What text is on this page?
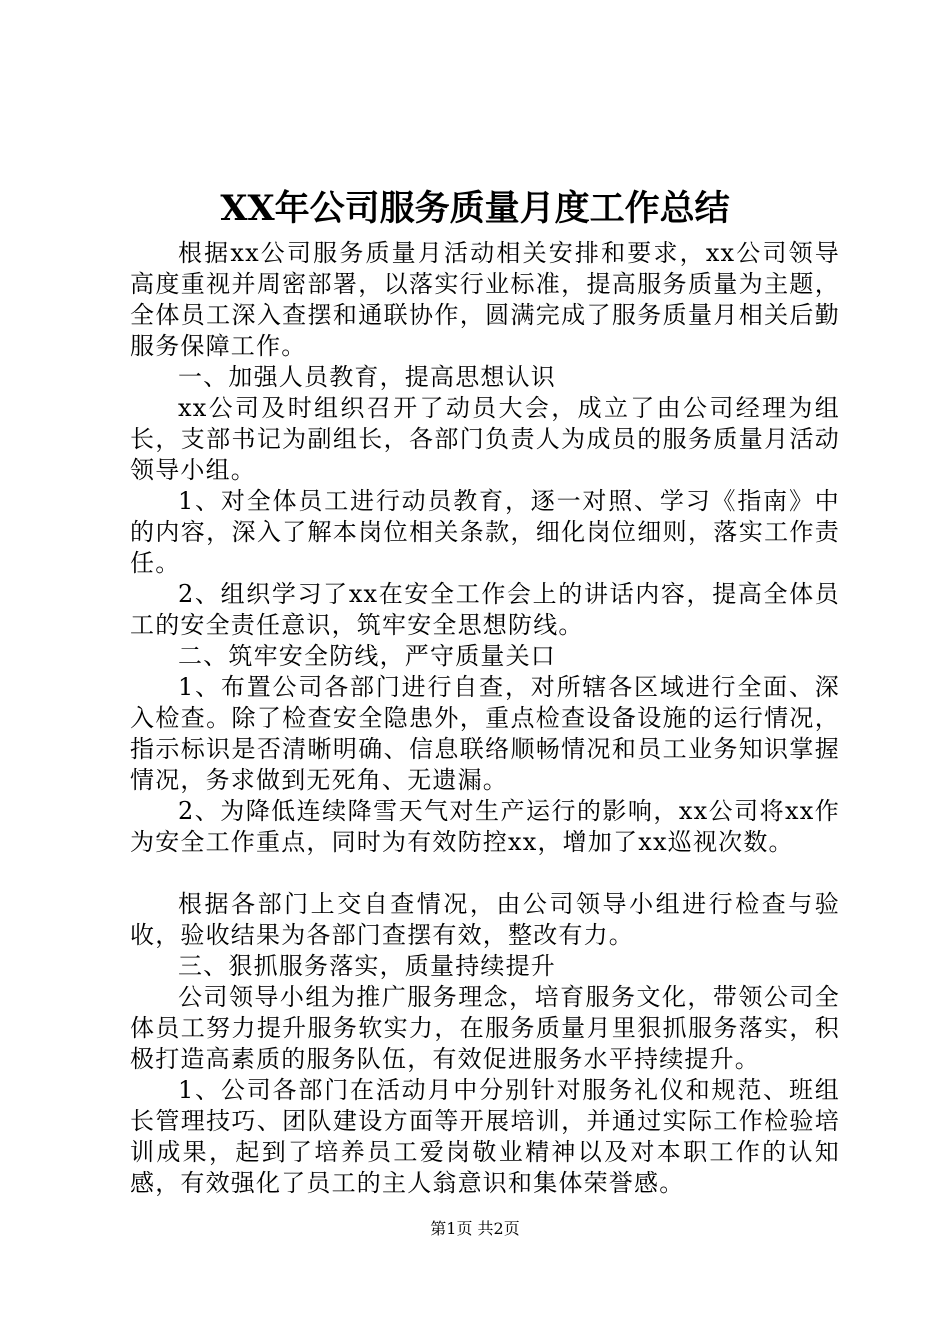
XX年公司服务质量月度工作总结

根据xx公司服务质量月活动相关安排和要求，xx公司领导高度重视并周密部署，以落实行业标准，提高服务质量为主题，全体员工深入查摆和通联协作，圆满完成了服务质量月相关后勤服务保障工作。

一、加强人员教育，提高思想认识

xx公司及时组织召开了动员大会，成立了由公司经理为组长，支部书记为副组长，各部门负责人为成员的服务质量月活动领导小组。

1、对全体员工进行动员教育，逐一对照、学习《指南》中的内容，深入了解本岗位相关条款，细化岗位细则，落实工作责任。

2、组织学习了xx在安全工作会上的讲话内容，提高全体员工的安全责任意识，筑牢安全思想防线。

二、筑牢安全防线，严守质量关口

1、布置公司各部门进行自查，对所辖各区域进行全面、深入检查。除了检查安全隐患外，重点检查设备设施的运行情况，指示标识是否清晰明确、信息联络顺畅情况和员工业务知识掌握情况，务求做到无死角、无遗漏。

2、为降低连续降雪天气对生产运行的影响，xx公司将xx作为安全工作重点，同时为有效防控xx，增加了xx巡视次数。

根据各部门上交自查情况，由公司领导小组进行检查与验收，验收结果为各部门查摆有效，整改有力。

三、狠抓服务落实，质量持续提升

公司领导小组为推广服务理念，培育服务文化，带领公司全体员工努力提升服务软实力，在服务质量月里狠抓服务落实，积极打造高素质的服务队伍，有效促进服务水平持续提升。

1、公司各部门在活动月中分别针对服务礼仪和规范、班组长管理技巧、团队建设方面等开展培训，并通过实际工作检验培训成果，起到了培养员工爱岗敬业精神以及对本职工作的认知感，有效强化了员工的主人翁意识和集体荣誉感。

第1页 共2页
